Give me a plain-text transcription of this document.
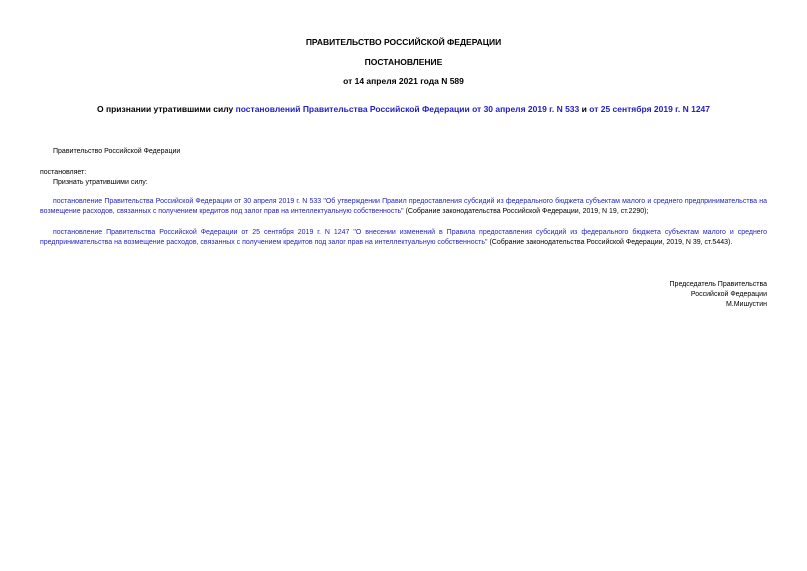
ПРАВИТЕЛЬСТВО РОССИЙСКОЙ ФЕДЕРАЦИИ
ПОСТАНОВЛЕНИЕ
от 14 апреля 2021 года N 589
О признании утратившими силу постановлений Правительства Российской Федерации от 30 апреля 2019 г. N 533 и от 25 сентября 2019 г. N 1247
Правительство Российской Федерации
постановляет:
Признать утратившими силу:
постановление Правительства Российской Федерации от 30 апреля 2019 г. N 533 "Об утверждении Правил предоставления субсидий из федерального бюджета субъектам малого и среднего предпринимательства на возмещение расходов, связанных с получением кредитов под залог прав на интеллектуальную собственность" (Собрание законодательства Российской Федерации, 2019, N 19, ст.2290);
постановление Правительства Российской Федерации от 25 сентября 2019 г. N 1247 "О внесении изменений в Правила предоставления субсидий из федерального бюджета субъектам малого и среднего предпринимательства на возмещение расходов, связанных с получением кредитов под залог прав на интеллектуальную собственность" (Собрание законодательства Российской Федерации, 2019, N 39, ст.5443).
Председатель Правительства
Российской Федерации
М.Мишустин
